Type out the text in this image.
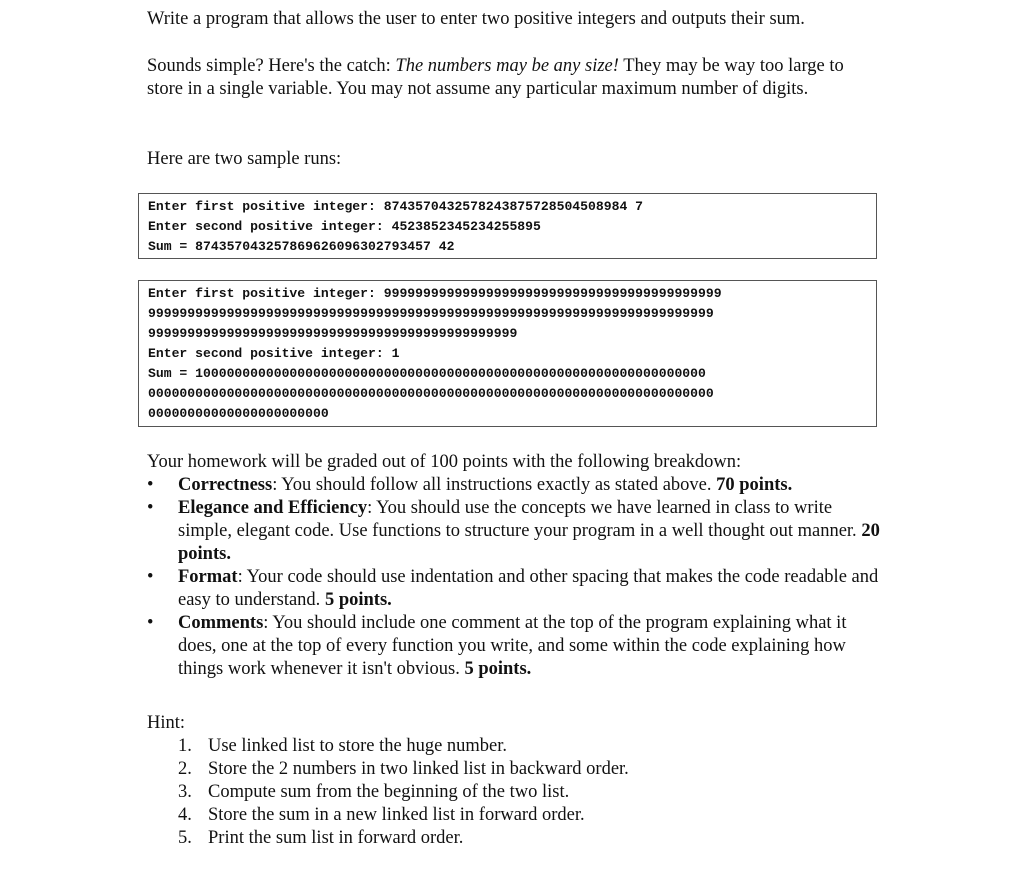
Write a program that allows the user to enter two positive integers and outputs their sum.
Sounds simple? Here's the catch: The numbers may be any size! They may be way too large to store in a single variable. You may not assume any particular maximum number of digits.
Here are two sample runs:
Enter first positive integer: 8743570432578243875728504508984 7
Enter second positive integer: 4523852345234255895
Sum = 874357043257869626096302793457 42
Enter first positive integer: 9999999999999999999999999999999999999999999
999999999999999999999999999999999999999999999999999999999999999999999999
99999999999999999999999999999999999999999999999
Enter second positive integer: 1
Sum = 10000000000000000000000000000000000000000000000000000000000000000
000000000000000000000000000000000000000000000000000000000000000000000000
00000000000000000000000
Your homework will be graded out of 100 points with the following breakdown:
• Correctness: You should follow all instructions exactly as stated above. 70 points.
• Elegance and Efficiency: You should use the concepts we have learned in class to write simple, elegant code. Use functions to structure your program in a well thought out manner. 20 points.
• Format: Your code should use indentation and other spacing that makes the code readable and easy to understand. 5 points.
• Comments: You should include one comment at the top of the program explaining what it does, one at the top of every function you write, and some within the code explaining how things work whenever it isn't obvious. 5 points.
Hint:
1. Use linked list to store the huge number.
2. Store the 2 numbers in two linked list in backward order.
3. Compute sum from the beginning of the two list.
4. Store the sum in a new linked list in forward order.
5. Print the sum list in forward order.
